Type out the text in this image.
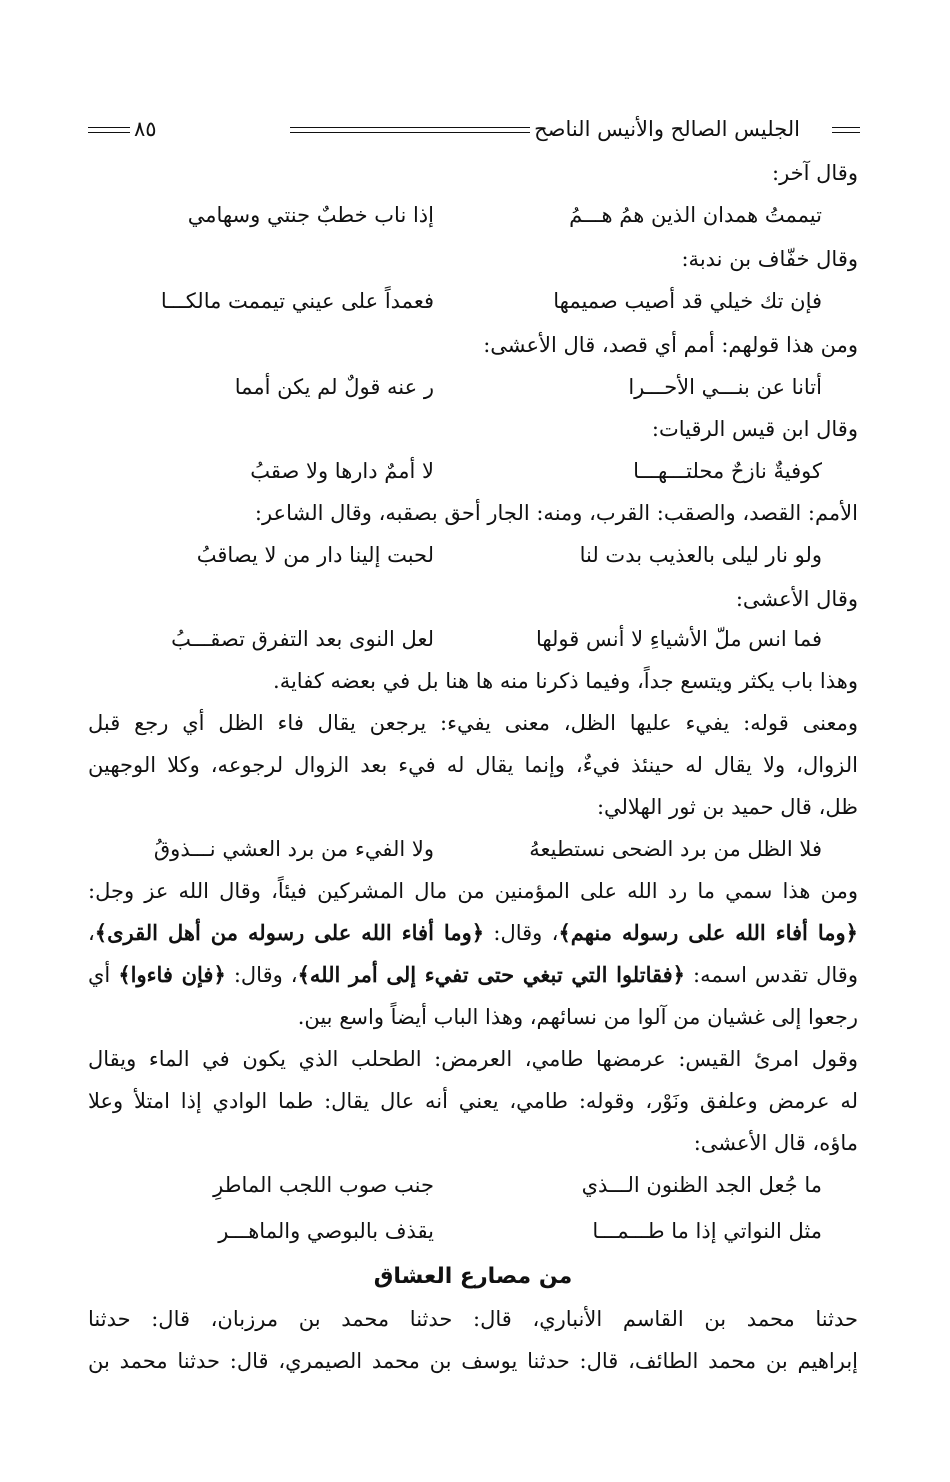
الجليس الصالح والأنيس الناصح
٨٥
وقال آخر:
تيممتُ همدان الذين همُ هـــمُ
إذا ناب خطبٌ جنتي وسهامي
وقال خفّاف بن ندبة:
فإن تك خيلي قد أصيب صميمها
فعمداً على عيني تيممت مالكـــا
ومن هذا قولهم: أمم أي قصد، قال الأعشى:
أتانا عن بنـــي الأحـــرا
ر عنه قولٌ لم يكن أمما
وقال ابن قيس الرقيات:
كوفيةٌ نازحٌ محلتـــهـــا
لا أممٌ دارها ولا صقبُ
الأمم: القصد، والصقب: القرب، ومنه: الجار أحق بصقبه، وقال الشاعر:
ولو نار ليلى بالعذيب بدت لنا
لحبت إلينا دار من لا يصاقبُ
وقال الأعشى:
فما انس ملّ الأشياءِ لا أنس قولها
لعل النوى بعد التفرق تصقـــبُ
وهذا باب يكثر ويتسع جداً، وفيما ذكرنا منه ها هنا بل في بعضه كفاية.
ومعنى قوله: يفيء عليها الظل، معنى يفيء: يرجعن يقال فاء الظل أي رجع قبل
الزوال، ولا يقال له حينئذ فيءٌ، وإنما يقال له فيء بعد الزوال لرجوعه، وكلا الوجهين
ظل، قال حميد بن ثور الهلالي:
فلا الظل من برد الضحى نستطيعهُ
ولا الفيء من برد العشي نـــذوقُ
ومن هذا سمي ما رد الله على المؤمنين من مال المشركين فيئاً، وقال الله عز وجل:
﴿وما أفاء الله على رسوله منهم﴾، وقال: ﴿وما أفاء الله على رسوله من أهل القرى﴾،
وقال تقدس اسمه: ﴿فقاتلوا التي تبغي حتى تفيء إلى أمر الله﴾، وقال: ﴿فإن فاءوا﴾ أي
رجعوا إلى غشيان من آلوا من نسائهم، وهذا الباب أيضاً واسع بين.
وقول امرئ القيس: عرمضها طامي، العرمض: الطحلب الذي يكون في الماء ويقال
له عرمض وعلفق ونَوْر، وقوله: طامي، يعني أنه عال يقال: طما الوادي إذا امتلأ وعلا
ماؤه، قال الأعشى:
ما جُعل الجد الظنون الـــذي
جنب صوب اللجب الماطرِ
مثل النواتي إذا ما طـــمـــا
يقذف بالبوصي والماهـــر
من مصارع العشاق
حدثنا محمد بن القاسم الأنباري، قال: حدثنا محمد بن مرزبان، قال: حدثنا
إبراهيم بن محمد الطائف، قال: حدثنا يوسف بن محمد الصيمري، قال: حدثنا محمد بن
